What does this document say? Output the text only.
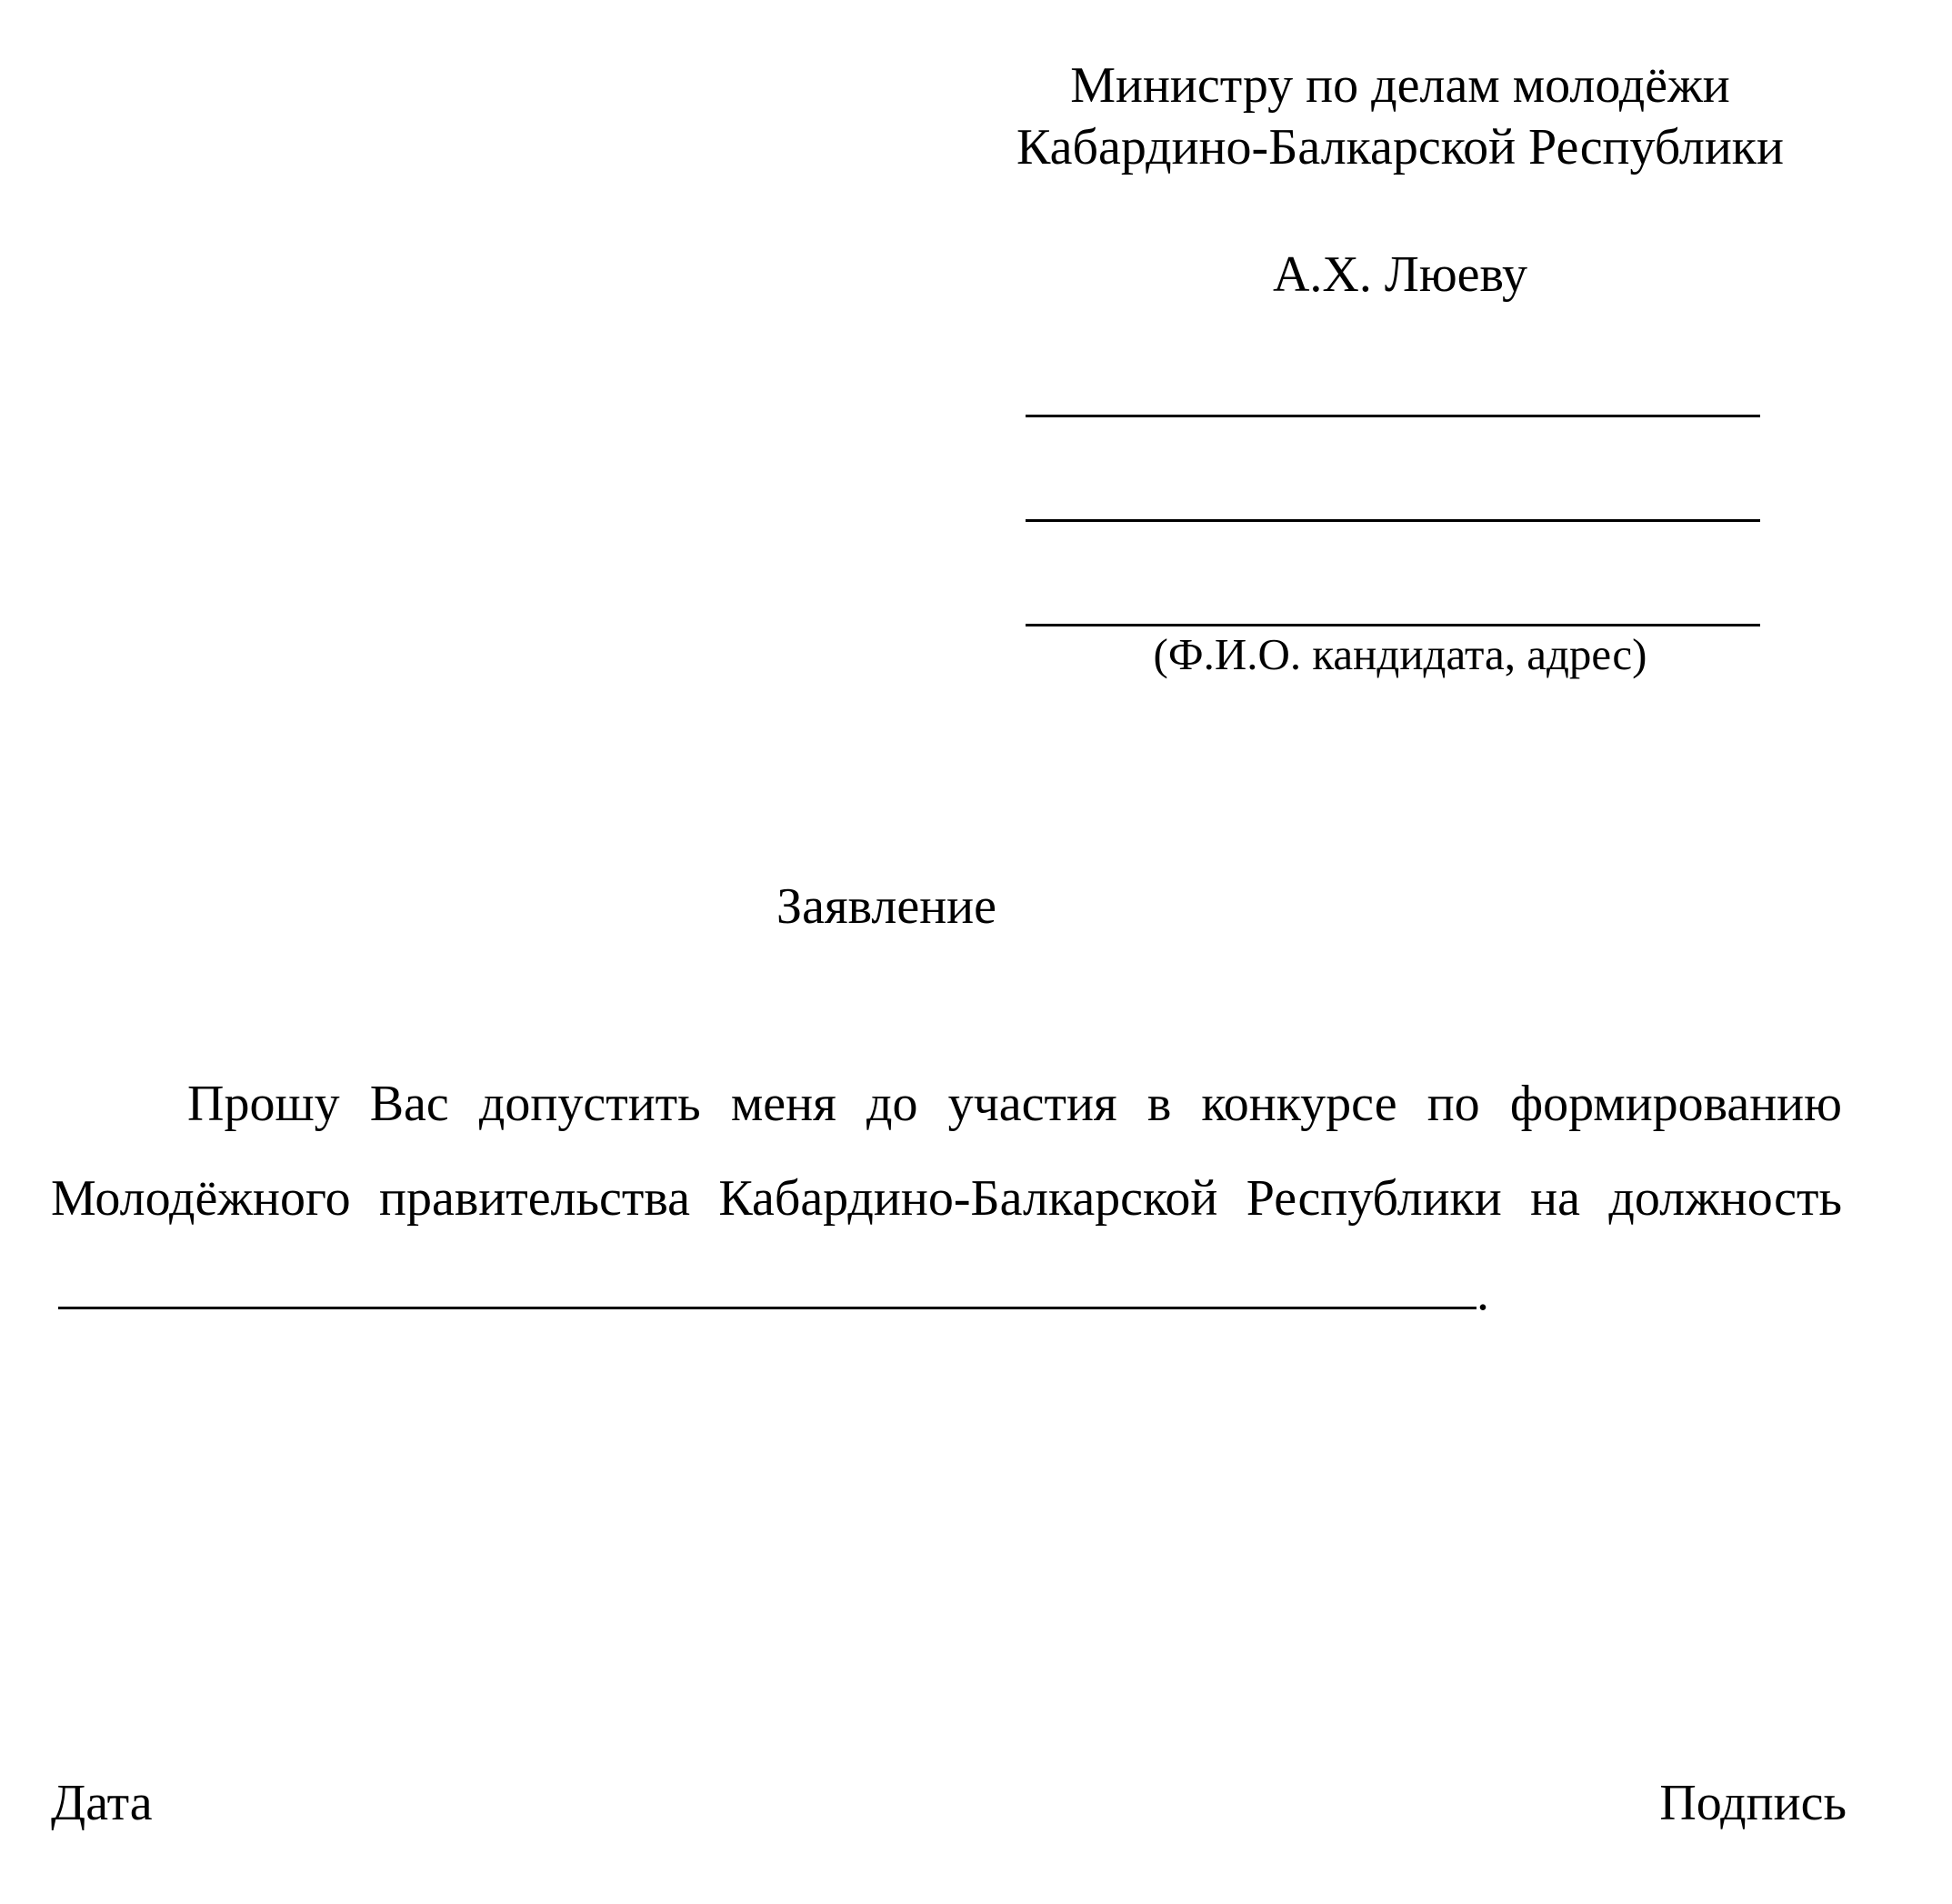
Министру по делам молодёжи
Кабардино-Балкарской Республики
А.Х. Люеву
(Ф.И.О. кандидата, адрес)
Заявление
Прошу Вас допустить меня до участия в конкурсе по формированию Молодёжного правительства Кабардино-Балкарской Республики на должность.
Дата	Подпись
